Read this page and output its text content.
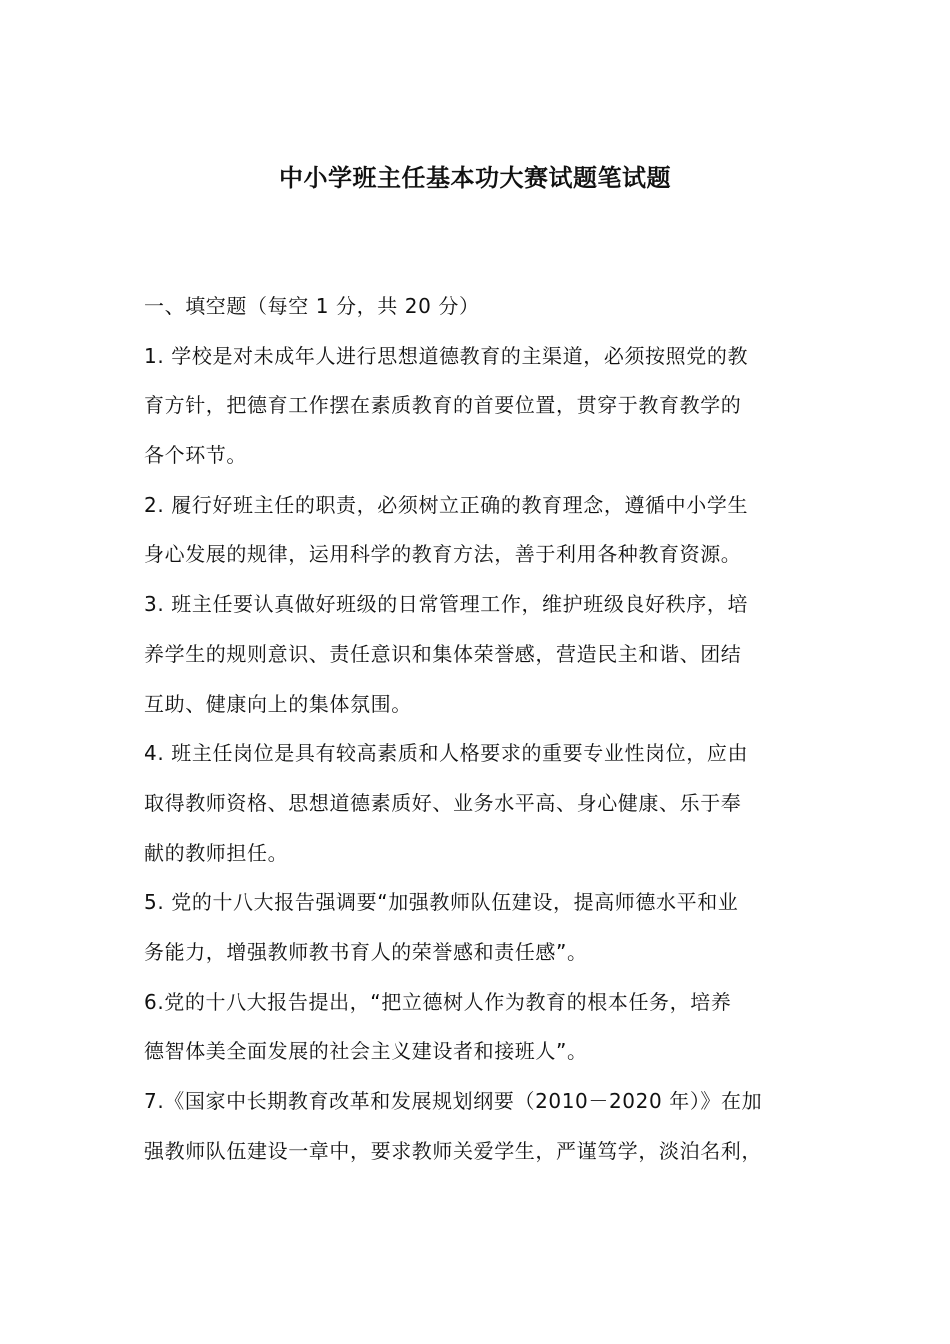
中小学班主任基本功大赛试题笔试题
一、填空题（每空 1 分，共 20 分）
1. 学校是对未成年人进行思想道德教育的主渠道，必须按照党的教
育方针，把德育工作摆在素质教育的首要位置，贯穿于教育教学的
各个环节。
2. 履行好班主任的职责，必须树立正确的教育理念，遵循中小学生
身心发展的规律，运用科学的教育方法，善于利用各种教育资源。
3. 班主任要认真做好班级的日常管理工作，维护班级良好秩序，培
养学生的规则意识、责任意识和集体荣誉感，营造民主和谐、团结
互助、健康向上的集体氛围。
4. 班主任岗位是具有较高素质和人格要求的重要专业性岗位，应由
取得教师资格、思想道德素质好、业务水平高、身心健康、乐于奉
献的教师担任。
5. 党的十八大报告强调要“加强教师队伍建设，提高师德水平和业
务能力，增强教师教书育人的荣誉感和责任感”。
6.党的十八大报告提出，“把立德树人作为教育的根本任务，培养
德智体美全面发展的社会主义建设者和接班人”。
7.《国家中长期教育改革和发展规划纲要（2010－2020 年）》在加
强教师队伍建设一章中，要求教师关爱学生，严谨笃学，淡泊名利，
